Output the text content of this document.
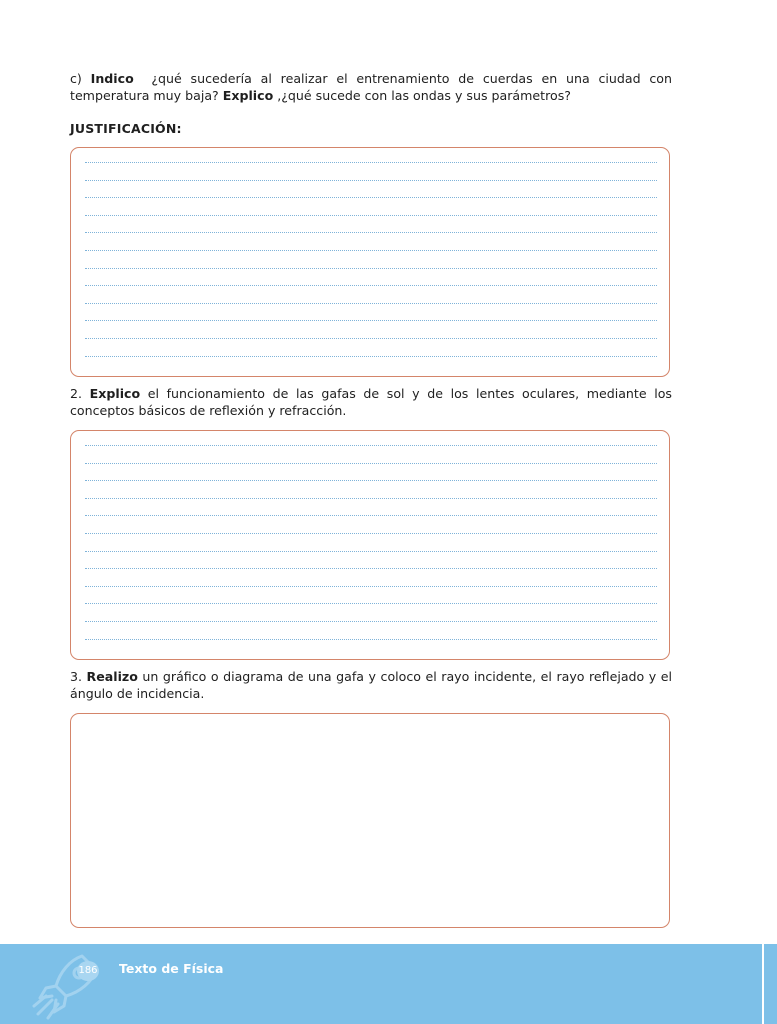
c) Indico  ¿qué sucedería al realizar el entrenamiento de cuerdas en una ciudad con temperatura muy baja? Explico ,¿qué sucede con las ondas y sus parámetros?

JUSTIFICACIÓN:

2. Explico el funcionamiento de las gafas de sol y de los lentes oculares, mediante los conceptos básicos de reflexión y refracción.

3. Realizo un gráfico o diagrama de una gafa y coloco el rayo incidente, el rayo reflejado y el ángulo de incidencia.

186 Texto de Física
